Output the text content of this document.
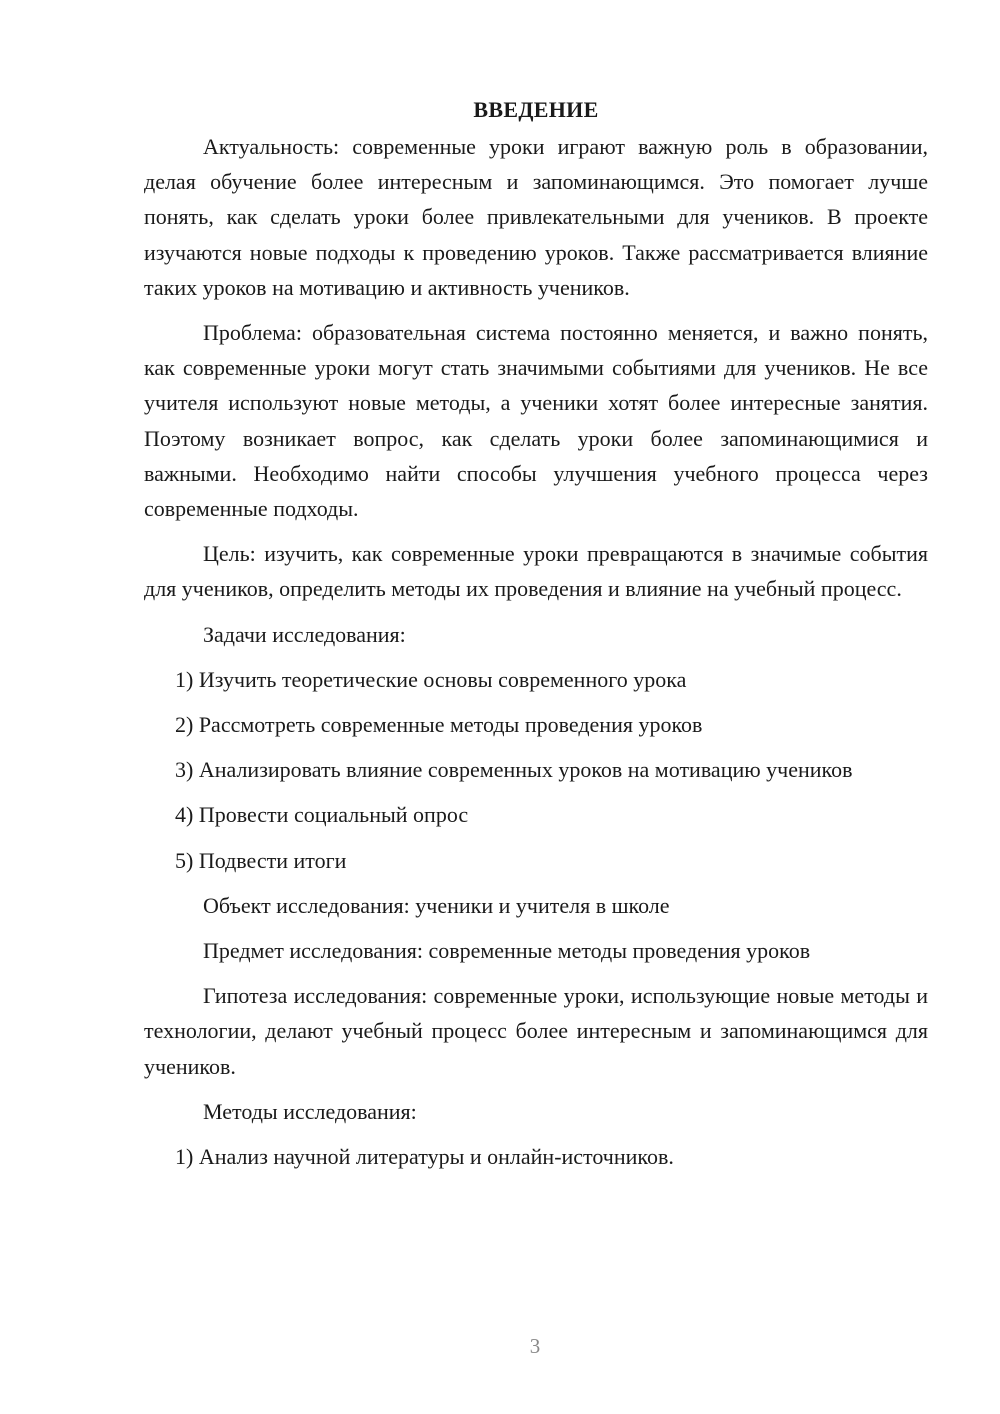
ВВЕДЕНИЕ

Актуальность: современные уроки играют важную роль в образовании, делая обучение более интересным и запоминающимся. Это помогает лучше понять, как сделать уроки более привлекательными для учеников. В проекте изучаются новые подходы к проведению уроков. Также рассматривается влияние таких уроков на мотивацию и активность учеников.

Проблема: образовательная система постоянно меняется, и важно понять, как современные уроки могут стать значимыми событиями для учеников. Не все учителя используют новые методы, а ученики хотят более интересные занятия. Поэтому возникает вопрос, как сделать уроки более запоминающимися и важными. Необходимо найти способы улучшения учебного процесса через современные подходы.

Цель: изучить, как современные уроки превращаются в значимые события для учеников, определить методы их проведения и влияние на учебный процесс.

Задачи исследования:

1) Изучить теоретические основы современного урока

2) Рассмотреть современные методы проведения уроков

3) Анализировать влияние современных уроков на мотивацию учеников

4) Провести социальный опрос

5) Подвести итоги

Объект исследования: ученики и учителя в школе

Предмет исследования: современные методы проведения уроков

Гипотеза исследования: современные уроки, использующие новые методы и технологии, делают учебный процесс более интересным и запоминающимся для учеников.

Методы исследования:

1) Анализ научной литературы и онлайн-источников.

3
